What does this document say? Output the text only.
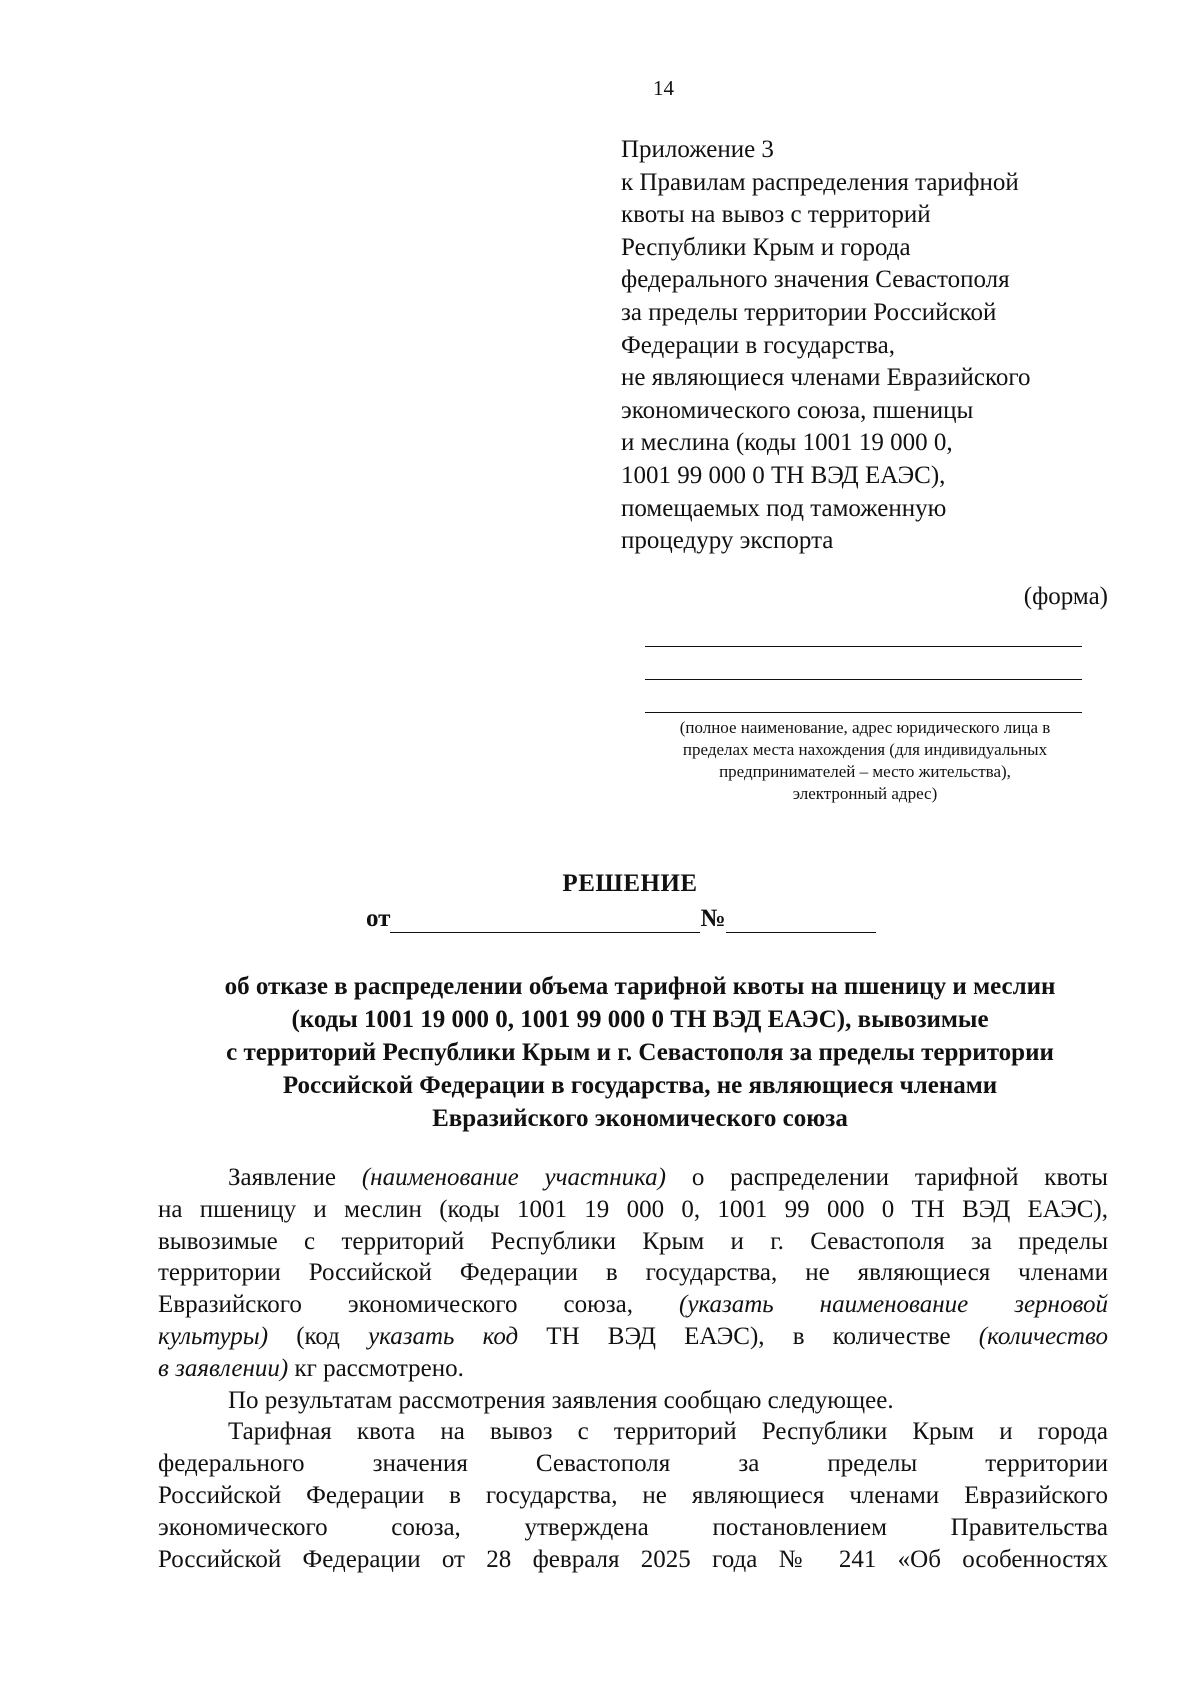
14
Приложение 3
к Правилам распределения тарифной
квоты на вывоз с территорий
Республики Крым и города
федерального значения Севастополя
за пределы территории Российской
Федерации в государства,
не являющиеся членами Евразийского
экономического союза, пшеницы
и меслина (коды 1001 19 000 0,
1001 99 000 0 ТН ВЭД ЕАЭС),
помещаемых под таможенную
процедуру экспорта
(форма)
(полное наименование, адрес юридического лица в
пределах места нахождения (для индивидуальных
предпринимателей – место жительства),
электронный адрес)
РЕШЕНИЕ
от	№
об отказе в распределении объема тарифной квоты на пшеницу и меслин
(коды 1001 19 000 0, 1001 99 000 0 ТН ВЭД ЕАЭС), вывозимые
с территорий Республики Крым и г. Севастополя за пределы территории
Российской Федерации в государства, не являющиеся членами
Евразийского экономического союза
Заявление (наименование участника) о распределении тарифной квоты
на пшеницу и меслин (коды 1001 19 000 0, 1001 99 000 0 ТН ВЭД ЕАЭС),
вывозимые с территорий Республики Крым и г. Севастополя за пределы
территории Российской Федерации в государства, не являющиеся членами
Евразийского экономического союза, (указать наименование зерновой
культуры) (код указать код ТН ВЭД ЕАЭС), в количестве (количество
в заявлении) кг рассмотрено.
По результатам рассмотрения заявления сообщаю следующее.
Тарифная квота на вывоз с территорий Республики Крым и города
федерального значения Севастополя за пределы территории
Российской Федерации в государства, не являющиеся членами Евразийского
экономического союза, утверждена постановлением Правительства
Российской Федерации от 28 февраля 2025 года № 241 «Об особенностях
